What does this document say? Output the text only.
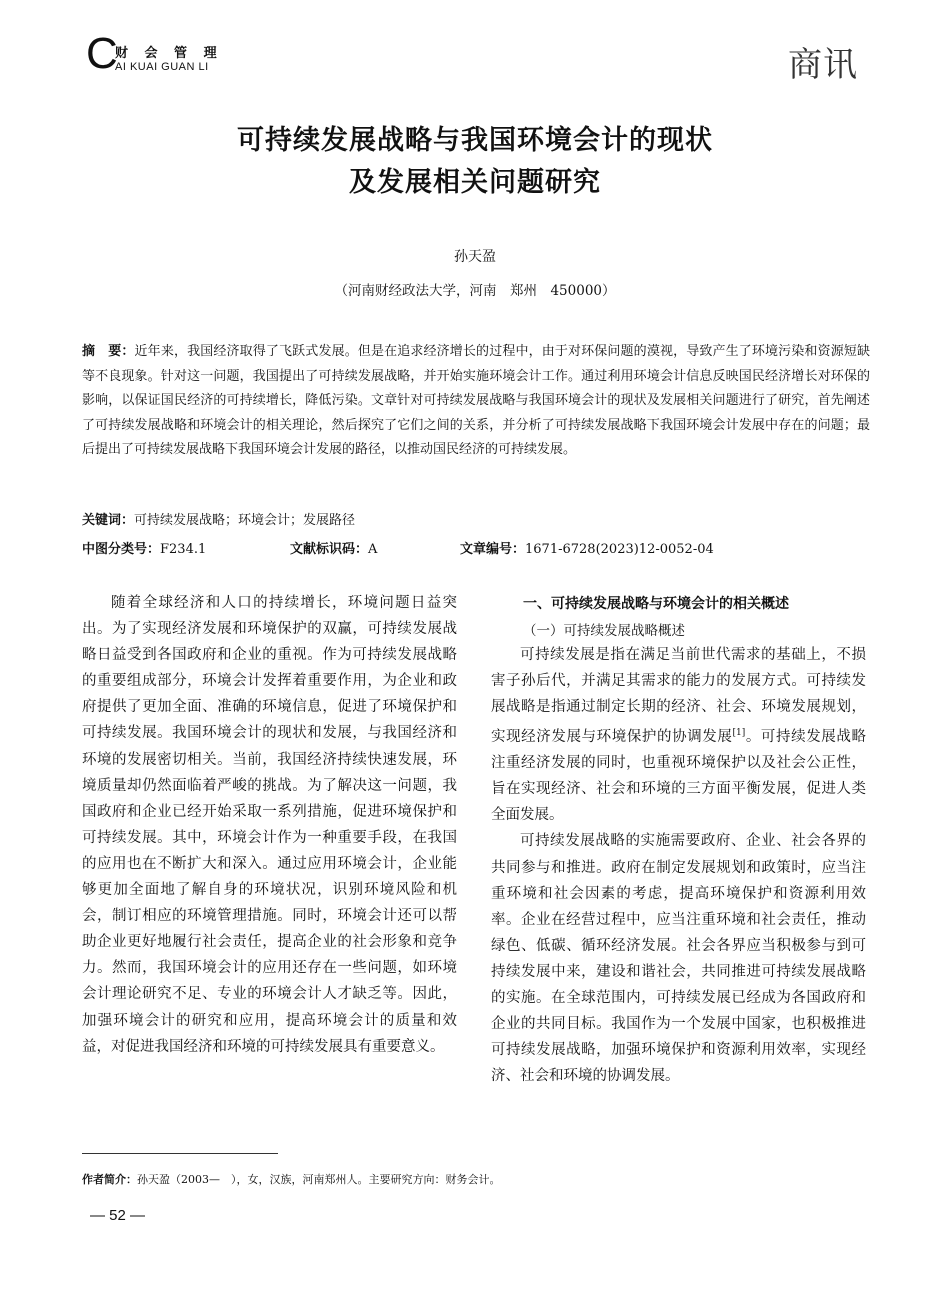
C
财 会 管 理
AI KUAI GUAN LI	商讯
可持续发展战略与我国环境会计的现状
及发展相关问题研究
孙天盈
（河南财经政法大学，河南　郑州　450000）
摘　要：近年来，我国经济取得了飞跃式发展。但是在追求经济增长的过程中，由于对环保问题的漠视，导致产生了环境污染和资源短缺等不良现象。针对这一问题，我国提出了可持续发展战略，并开始实施环境会计工作。通过利用环境会计信息反映国民经济增长对环保的影响，以保证国民经济的可持续增长，降低污染。文章针对可持续发展战略与我国环境会计的现状及发展相关问题进行了研究，首先阐述了可持续发展战略和环境会计的相关理论，然后探究了它们之间的关系，并分析了可持续发展战略下我国环境会计发展中存在的问题；最后提出了可持续发展战略下我国环境会计发展的路径，以推动国民经济的可持续发展。
关键词：可持续发展战略；环境会计；发展路径
中图分类号：F234.1	文献标识码：A	文章编号：1671-6728(2023)12-0052-04

随着全球经济和人口的持续增长，环境问题日益突出。为了实现经济发展和环境保护的双赢，可持续发展战略日益受到各国政府和企业的重视。作为可持续发展战略的重要组成部分，环境会计发挥着重要作用，为企业和政府提供了更加全面、准确的环境信息，促进了环境保护和可持续发展。我国环境会计的现状和发展，与我国经济和环境的发展密切相关。当前，我国经济持续快速发展，环境质量却仍然面临着严峻的挑战。为了解决这一问题，我国政府和企业已经开始采取一系列措施，促进环境保护和可持续发展。其中，环境会计作为一种重要手段，在我国的应用也在不断扩大和深入。通过应用环境会计，企业能够更加全面地了解自身的环境状况，识别环境风险和机会，制订相应的环境管理措施。同时，环境会计还可以帮助企业更好地履行社会责任，提高企业的社会形象和竞争力。然而，我国环境会计的应用还存在一些问题，如环境会计理论研究不足、专业的环境会计人才缺乏等。因此，加强环境会计的研究和应用，提高环境会计的质量和效益，对促进我国经济和环境的可持续发展具有重要意义。

一、可持续发展战略与环境会计的相关概述
（一）可持续发展战略概述

可持续发展是指在满足当前世代需求的基础上，不损害子孙后代，并满足其需求的能力的发展方式。可持续发展战略是指通过制定长期的经济、社会、环境发展规划，实现经济发展与环境保护的协调发展[1]。可持续发展战略注重经济发展的同时，也重视环境保护以及社会公正性，旨在实现经济、社会和环境的三方面平衡发展，促进人类全面发展。

可持续发展战略的实施需要政府、企业、社会各界的共同参与和推进。政府在制定发展规划和政策时，应当注重环境和社会因素的考虑，提高环境保护和资源利用效率。企业在经营过程中，应当注重环境和社会责任，推动绿色、低碳、循环经济发展。社会各界应当积极参与到可持续发展中来，建设和谐社会，共同推进可持续发展战略的实施。在全球范围内，可持续发展已经成为各国政府和企业的共同目标。我国作为一个发展中国家，也积极推进可持续发展战略，加强环境保护和资源利用效率，实现经济、社会和环境的协调发展。

作者简介：孙天盈（2003—　），女，汉族，河南郑州人。主要研究方向：财务会计。
— 52 —
